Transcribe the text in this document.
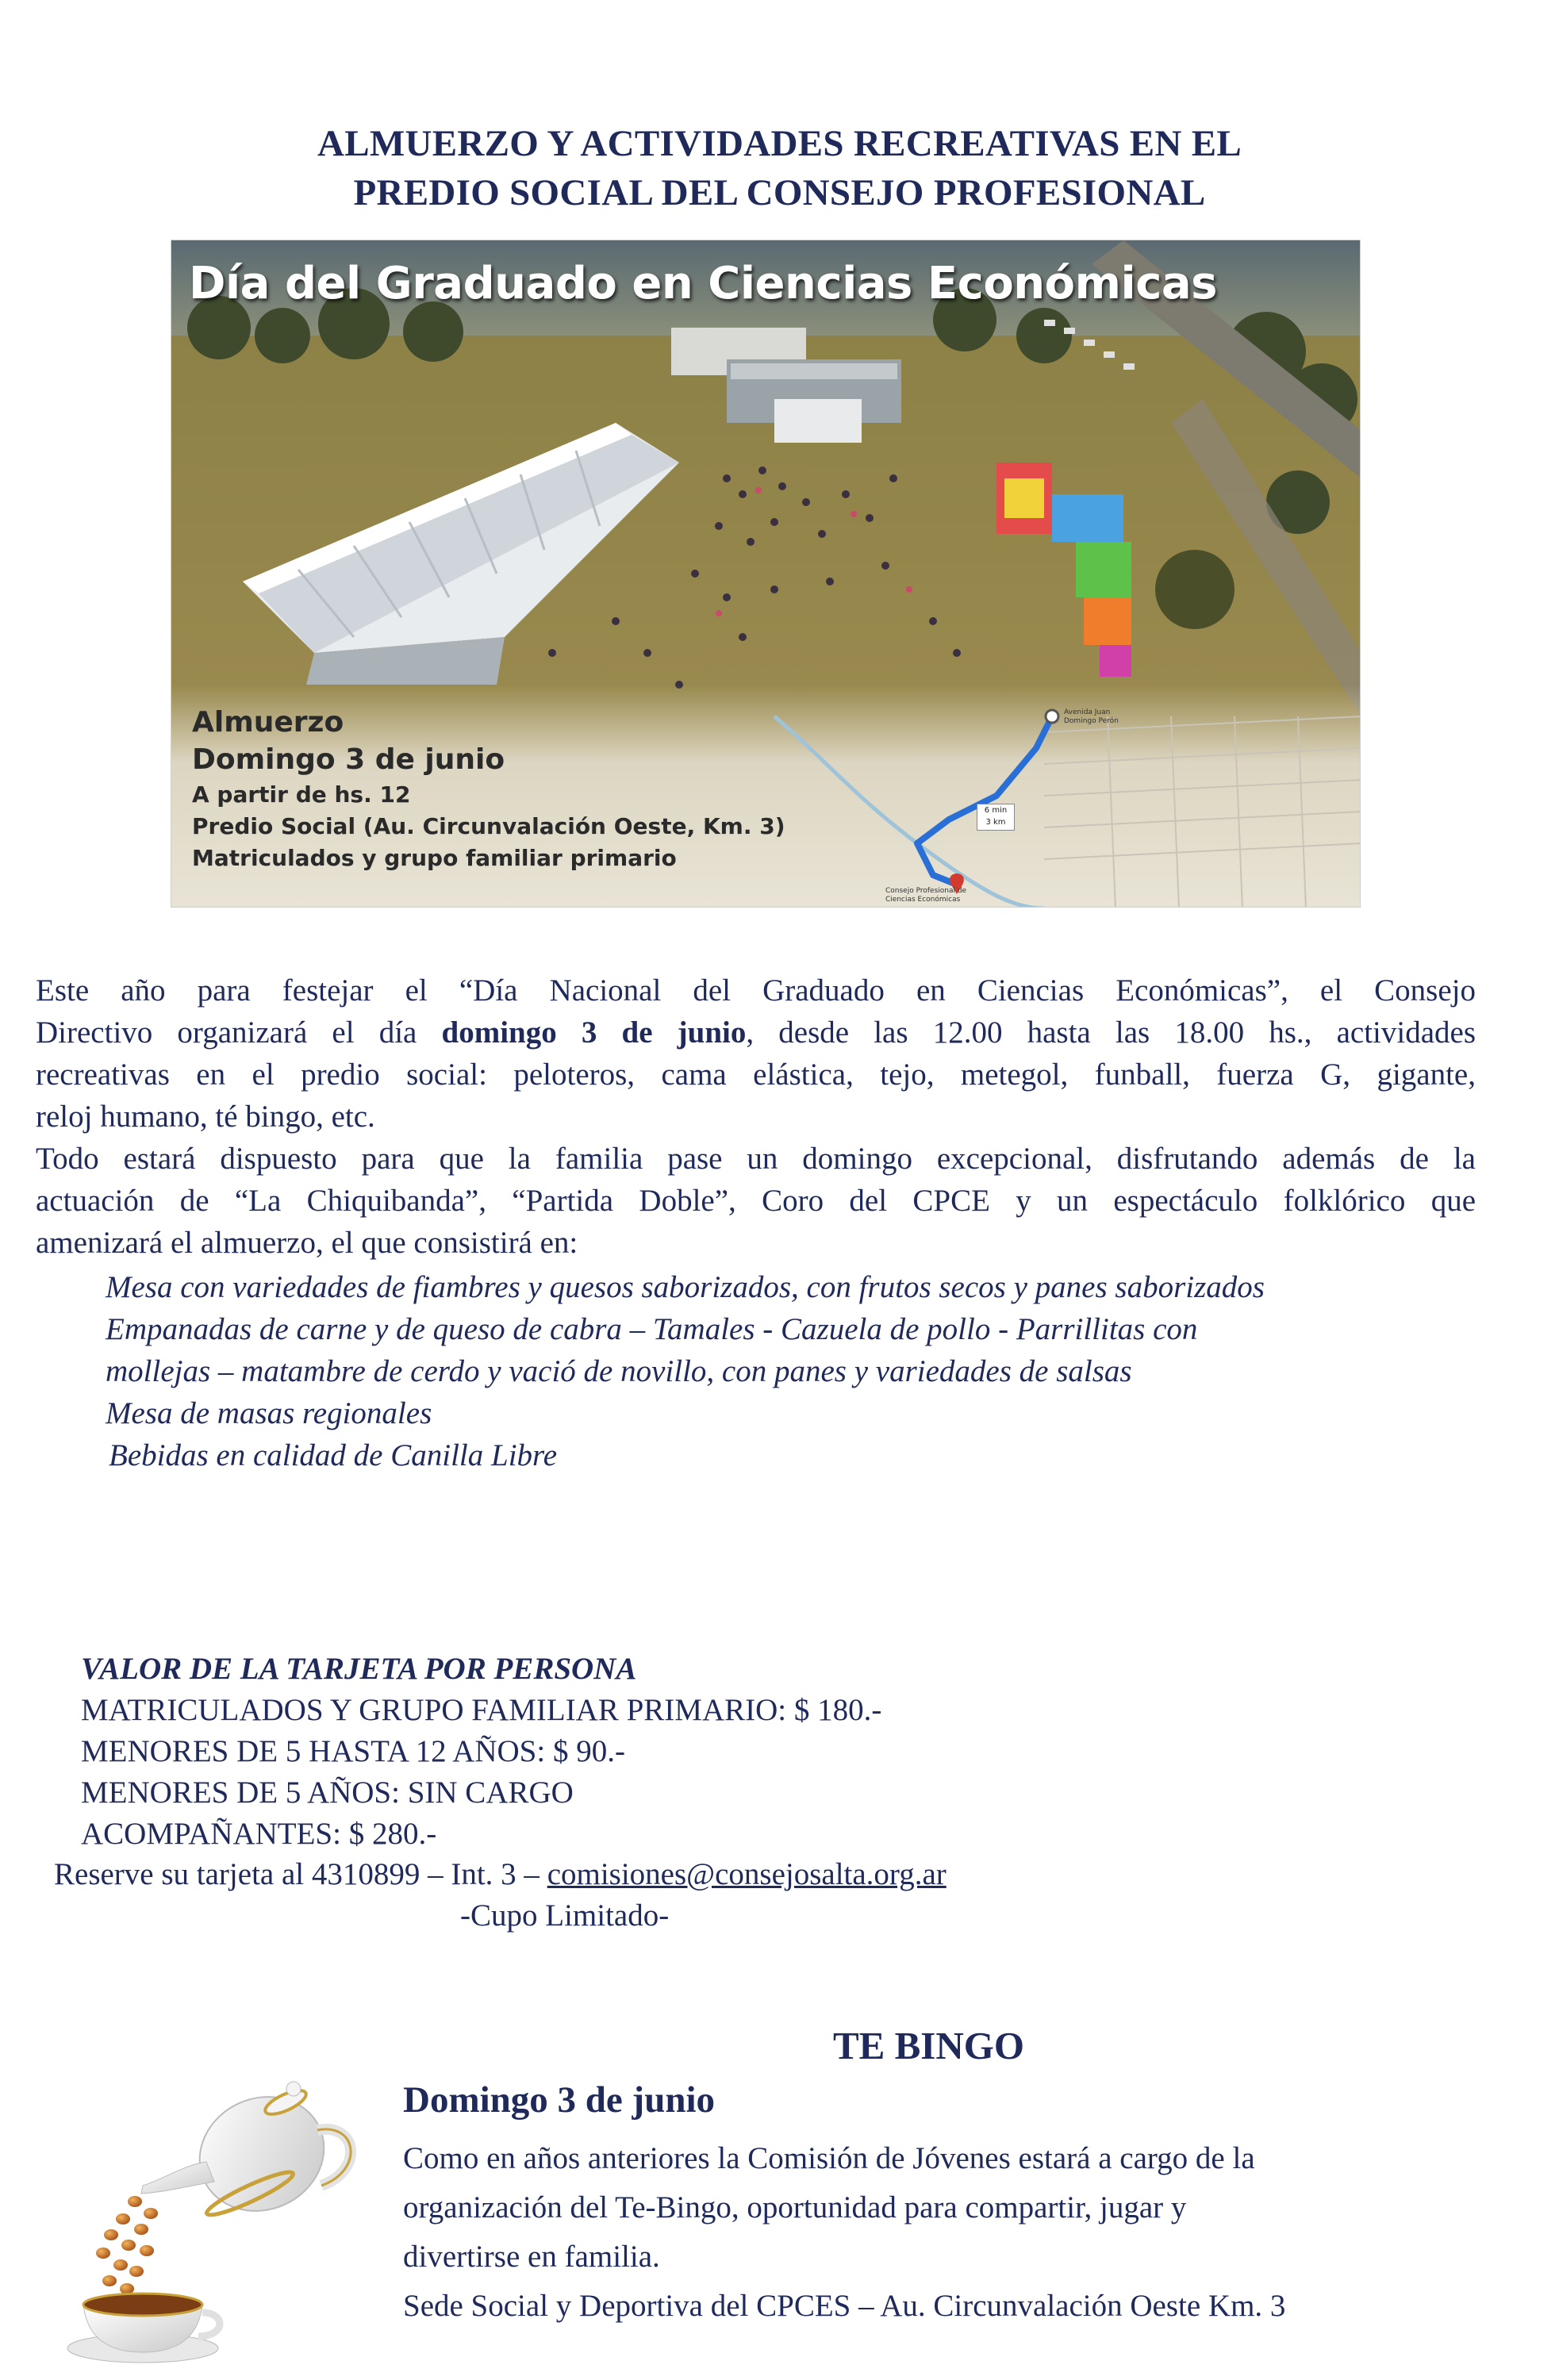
ALMUERZO Y ACTIVIDADES RECREATIVAS EN EL
PREDIO SOCIAL DEL CONSEJO PROFESIONAL
Día del Graduado en Ciencias Económicas
Almuerzo
Domingo 3 de junio
A partir de hs. 12
Predio Social (Au. Circunvalación Oeste, Km. 3)
Matriculados y grupo familiar primario
Avenida Juan Domingo Perón
Consejo Profesional de Ciencias Económicas
6 min
3 km
Este año para festejar el “Día Nacional del Graduado en Ciencias Económicas”, el Consejo
Directivo organizará el día domingo 3 de junio, desde las 12.00 hasta las 18.00 hs., actividades
recreativas en el predio social: peloteros, cama elástica, tejo, metegol, funball, fuerza G, gigante,
reloj humano, té bingo, etc.
Todo estará dispuesto para que la familia pase un domingo excepcional, disfrutando además de la
actuación de “La Chiquibanda”, “Partida Doble”, Coro del CPCE y un espectáculo folklórico que
amenizará el almuerzo, el que consistirá en:
Mesa con variedades de fiambres y quesos saborizados, con frutos secos y panes saborizados
Empanadas de carne y de queso de cabra – Tamales - Cazuela de pollo - Parrillitas con
mollejas – matambre de cerdo y vació de novillo, con panes y variedades de salsas
Mesa de masas regionales
Bebidas en calidad de Canilla Libre
VALOR DE LA TARJETA POR PERSONA
MATRICULADOS Y GRUPO FAMILIAR PRIMARIO: $ 180.-
MENORES DE 5 HASTA 12 AÑOS: $ 90.-
MENORES DE 5 AÑOS: SIN CARGO
ACOMPAÑANTES: $ 280.-
Reserve su tarjeta al 4310899 – Int. 3 – comisiones@consejosalta.org.ar
-Cupo Limitado-
TE BINGO
Domingo 3 de junio
Como en años anteriores la Comisión de Jóvenes estará a cargo de la
organización del Te-Bingo, oportunidad para compartir, jugar y
divertirse en familia.
Sede Social y Deportiva del CPCES – Au. Circunvalación Oeste Km. 3
